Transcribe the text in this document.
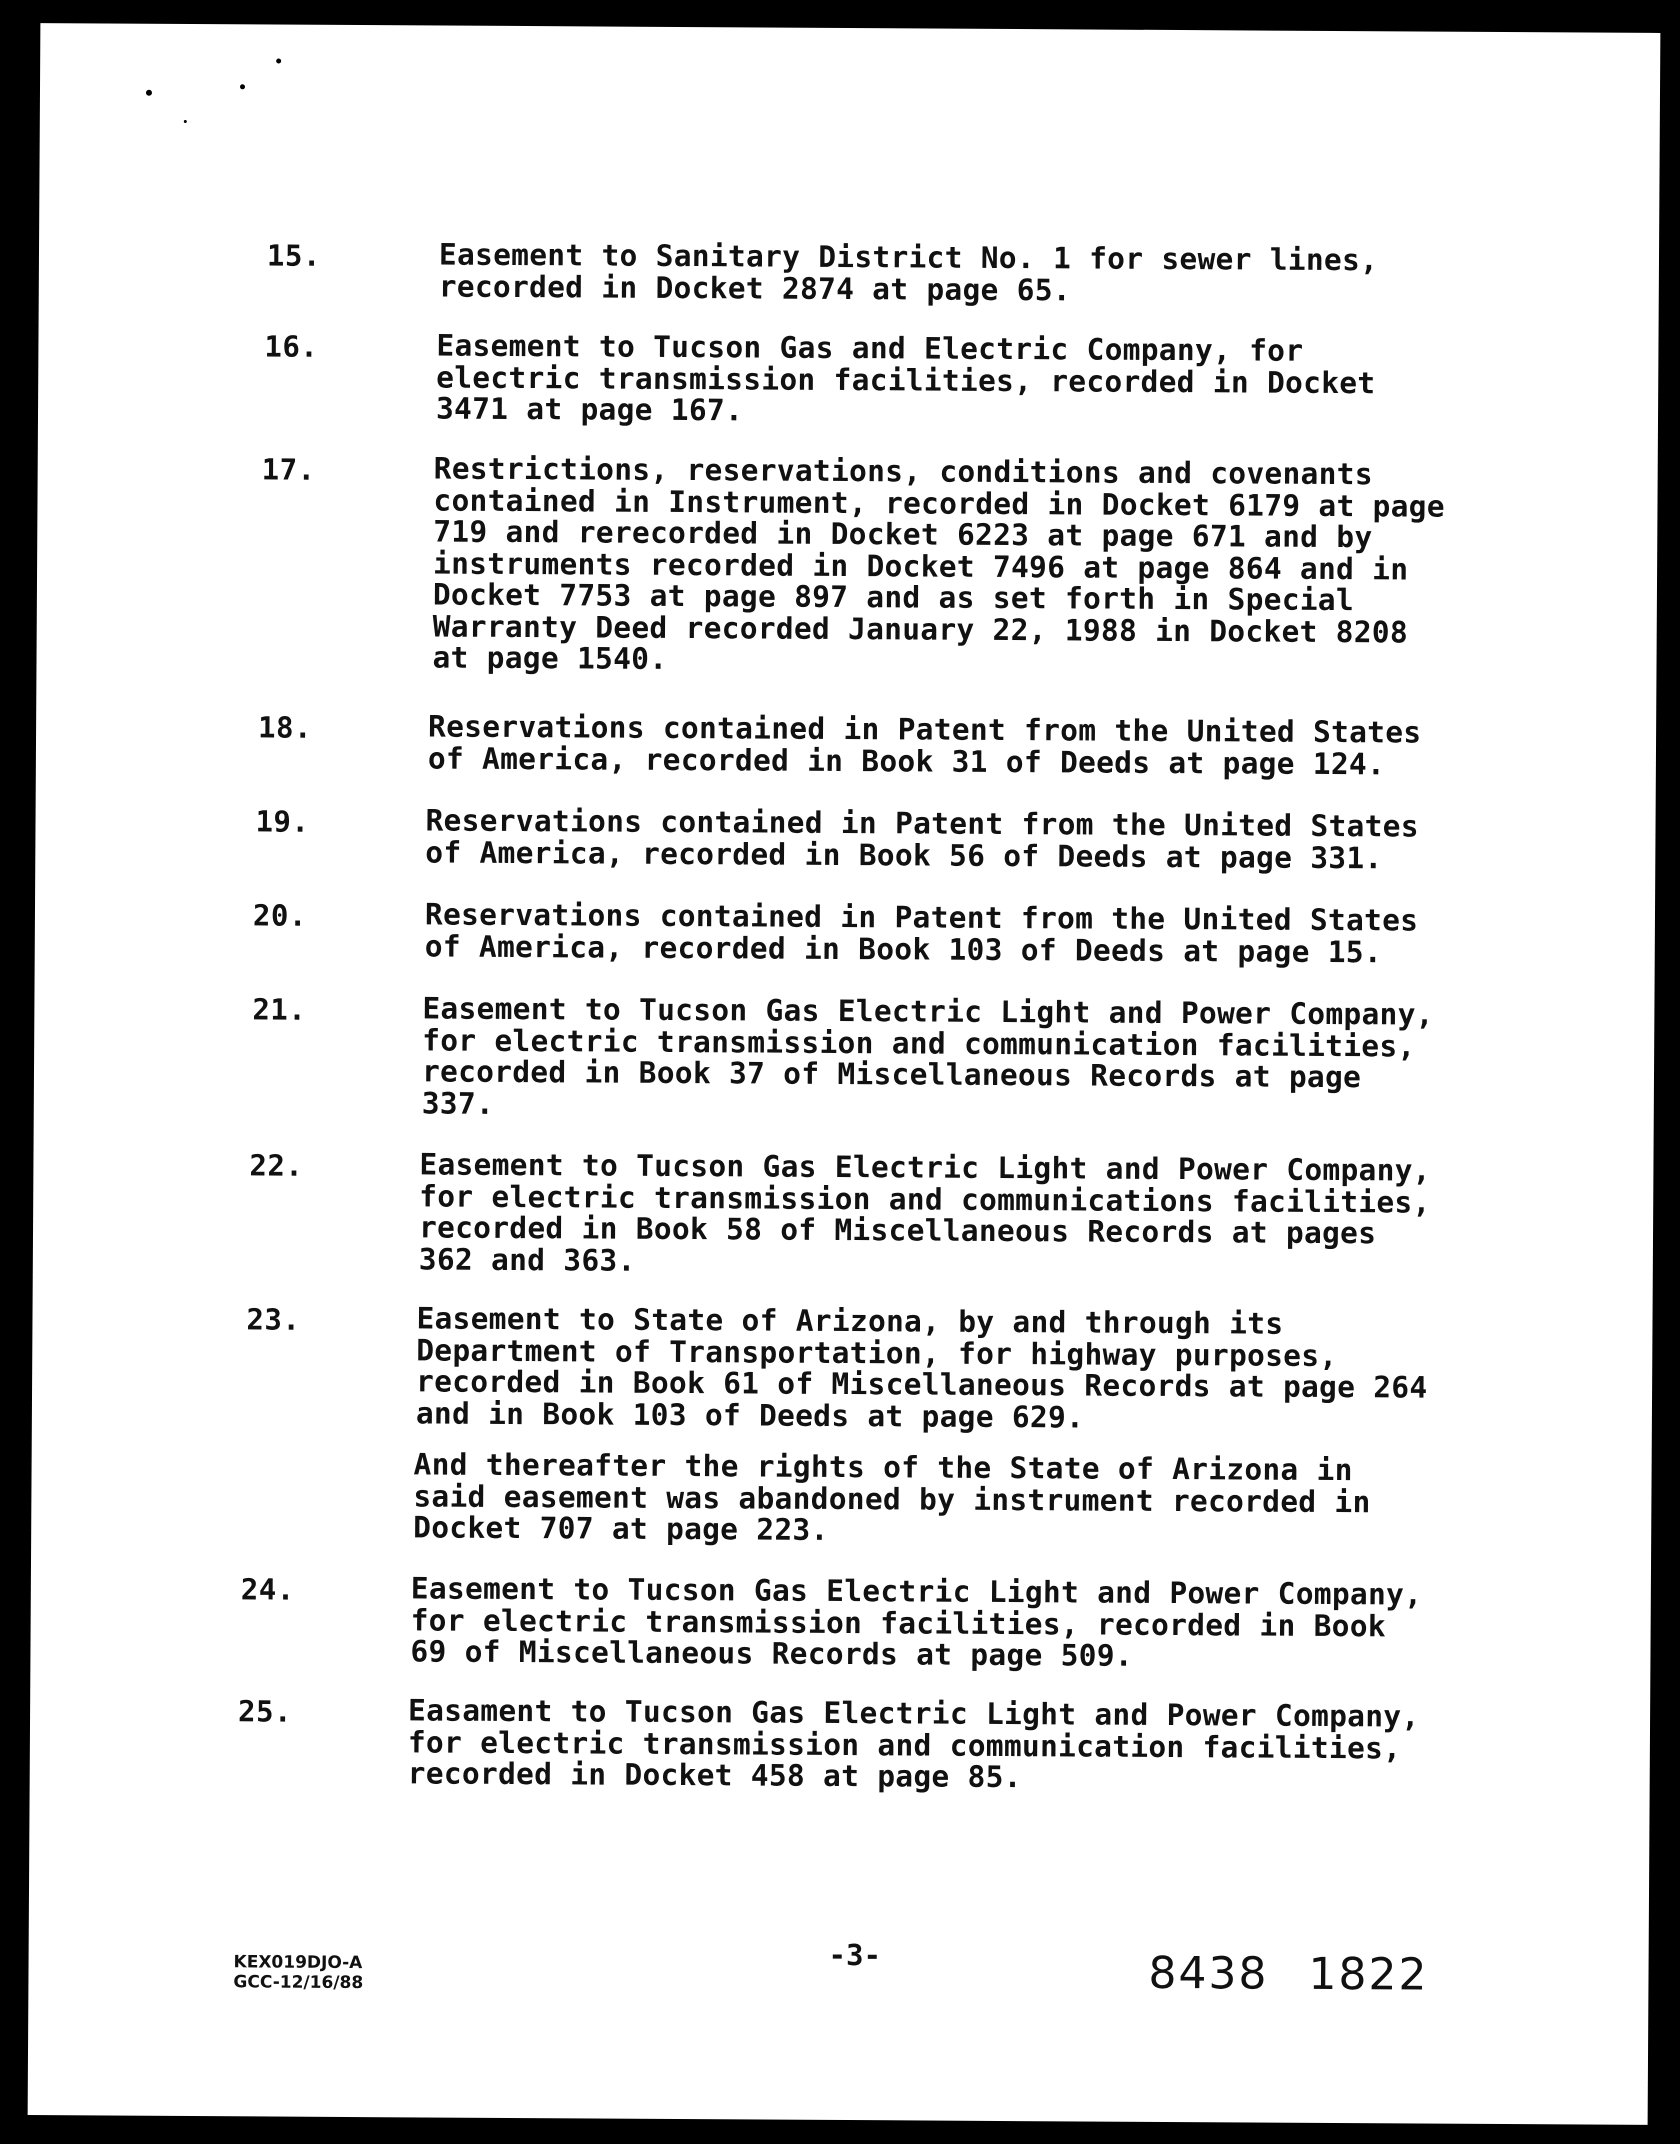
15.	Easement to Sanitary District No. 1 for sewer lines,
recorded in Docket 2874 at page 65.
16.	Easement to Tucson Gas and Electric Company, for
electric transmission facilities, recorded in Docket
3471 at page 167.
17.	Restrictions, reservations, conditions and covenants
contained in Instrument, recorded in Docket 6179 at page
719 and rerecorded in Docket 6223 at page 671 and by
instruments recorded in Docket 7496 at page 864 and in
Docket 7753 at page 897 and as set forth in Special
Warranty Deed recorded January 22, 1988 in Docket 8208
at page 1540.
18.	Reservations contained in Patent from the United States
of America, recorded in Book 31 of Deeds at page 124.
19.	Reservations contained in Patent from the United States
of America, recorded in Book 56 of Deeds at page 331.
20.	Reservations contained in Patent from the United States
of America, recorded in Book 103 of Deeds at page 15.
21.	Easement to Tucson Gas Electric Light and Power Company,
for electric transmission and communication facilities,
recorded in Book 37 of Miscellaneous Records at page
337.
22.	Easement to Tucson Gas Electric Light and Power Company,
for electric transmission and communications facilities,
recorded in Book 58 of Miscellaneous Records at pages
362 and 363.
23.	Easement to State of Arizona, by and through its
Department of Transportation, for highway purposes,
recorded in Book 61 of Miscellaneous Records at page 264
and in Book 103 of Deeds at page 629.
And thereafter the rights of the State of Arizona in
said easement was abandoned by instrument recorded in
Docket 707 at page 223.
24.	Easement to Tucson Gas Electric Light and Power Company,
for electric transmission facilities, recorded in Book
69 of Miscellaneous Records at page 509.
25.	Easament to Tucson Gas Electric Light and Power Company,
for electric transmission and communication facilities,
recorded in Docket 458 at page 85.
-3-
KEX019DJO-A
GCC-12/16/88	8438 1822
